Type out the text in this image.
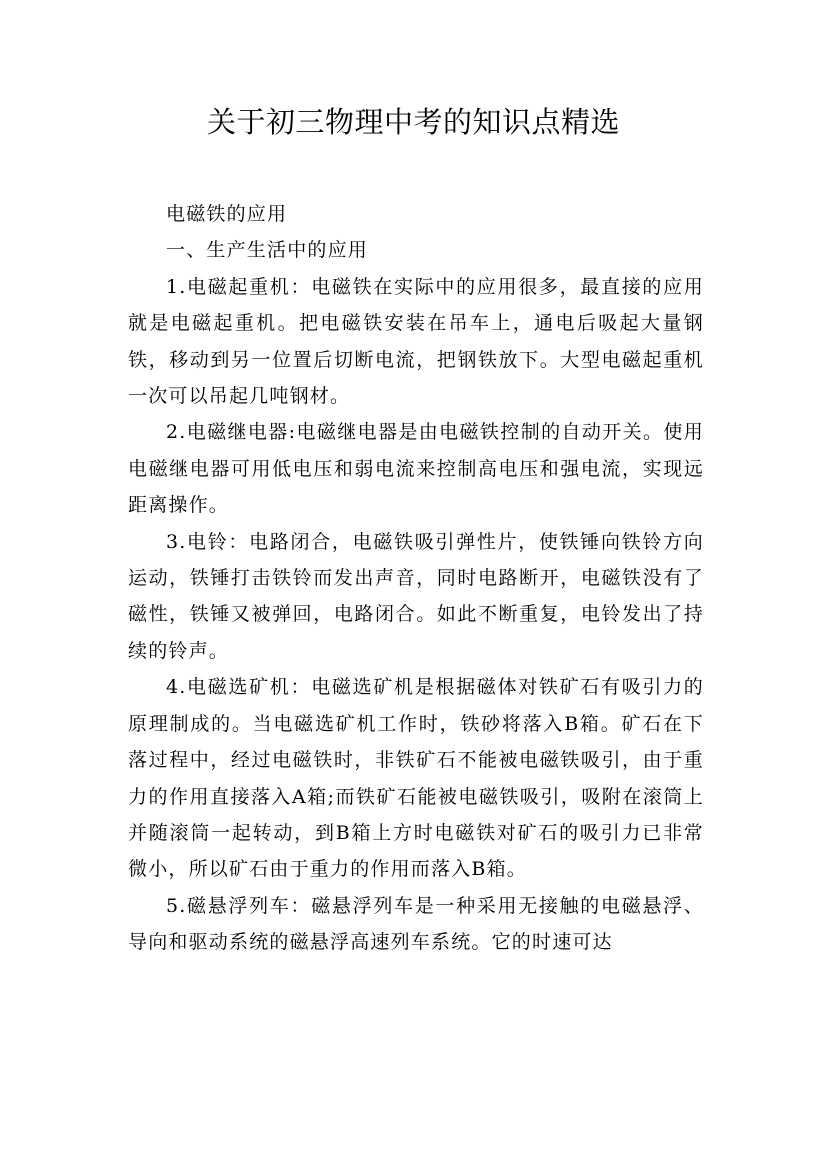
关于初三物理中考的知识点精选

电磁铁的应用

一、生产生活中的应用

1.电磁起重机：电磁铁在实际中的应用很多，最直接的应用就是电磁起重机。把电磁铁安装在吊车上，通电后吸起大量钢铁，移动到另一位置后切断电流，把钢铁放下。大型电磁起重机一次可以吊起几吨钢材。

2.电磁继电器:电磁继电器是由电磁铁控制的自动开关。使用电磁继电器可用低电压和弱电流来控制高电压和强电流，实现远距离操作。

3.电铃：电路闭合，电磁铁吸引弹性片，使铁锤向铁铃方向运动，铁锤打击铁铃而发出声音，同时电路断开，电磁铁没有了磁性，铁锤又被弹回，电路闭合。如此不断重复，电铃发出了持续的铃声。

4.电磁选矿机：电磁选矿机是根据磁体对铁矿石有吸引力的原理制成的。当电磁选矿机工作时，铁砂将落入B箱。矿石在下落过程中，经过电磁铁时，非铁矿石不能被电磁铁吸引，由于重力的作用直接落入A箱;而铁矿石能被电磁铁吸引，吸附在滚筒上并随滚筒一起转动，到B箱上方时电磁铁对矿石的吸引力已非常微小，所以矿石由于重力的作用而落入B箱。

5.磁悬浮列车：磁悬浮列车是一种采用无接触的电磁悬浮、导向和驱动系统的磁悬浮高速列车系统。它的时速可达
